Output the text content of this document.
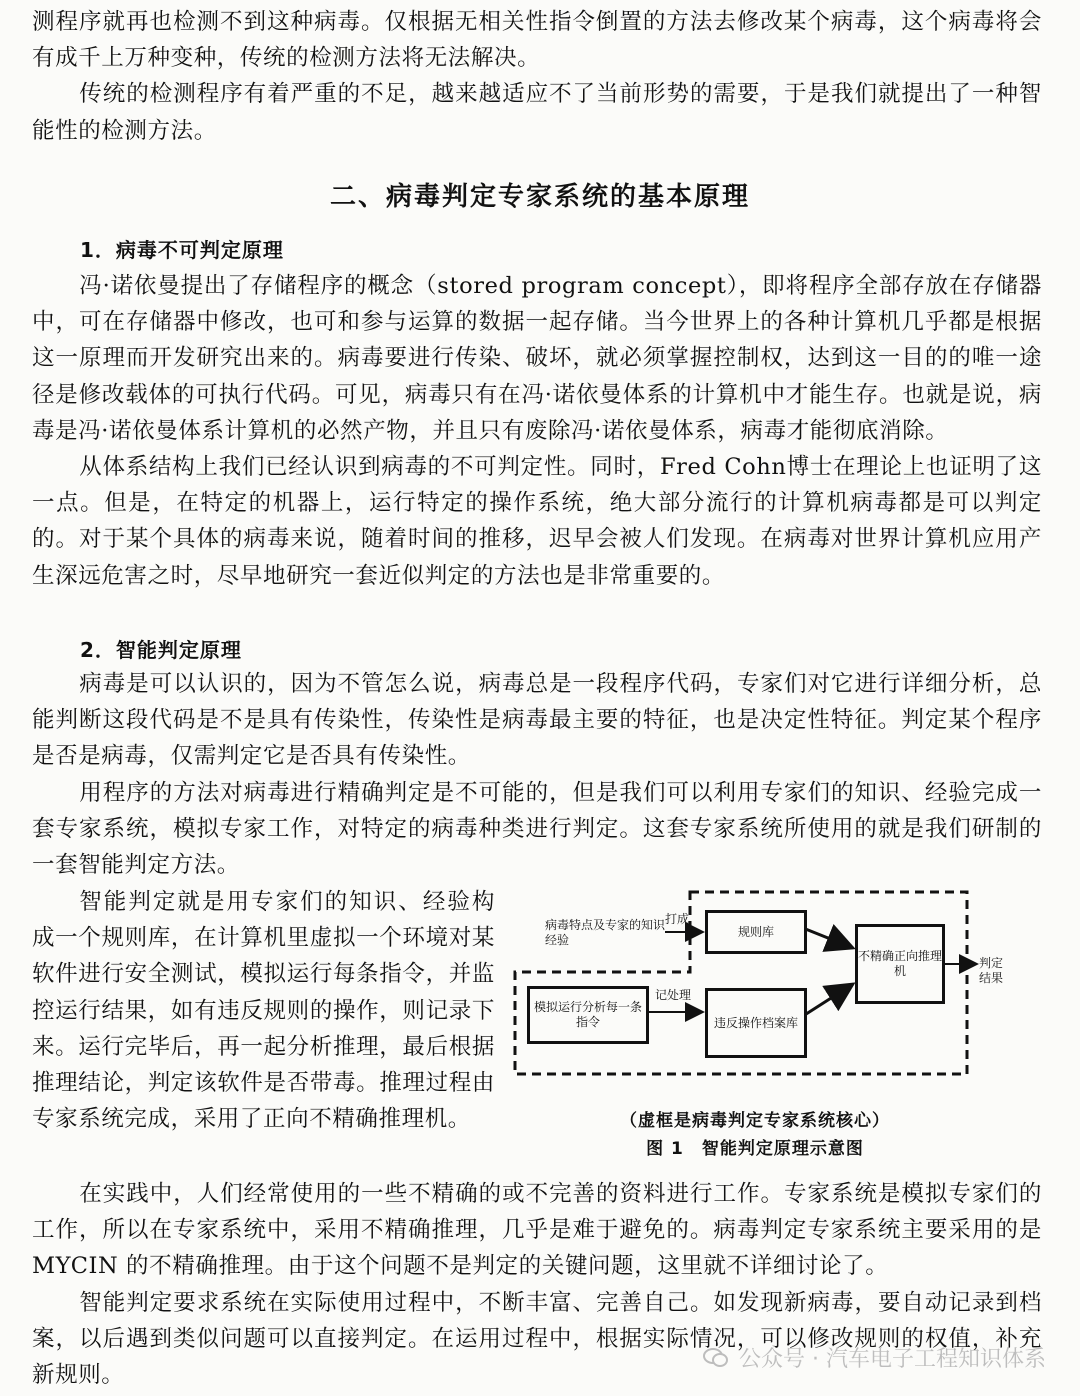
测程序就再也检测不到这种病毒。仅根据无相关性指令倒置的方法去修改某个病毒，这个病毒将会有成千上万种变种，传统的检测方法将无法解决。

传统的检测程序有着严重的不足，越来越适应不了当前形势的需要，于是我们就提出了一种智能性的检测方法。

二、病毒判定专家系统的基本原理
1．病毒不可判定原理

冯·诺依曼提出了存储程序的概念（stored program concept），即将程序全部存放在存储器中，可在存储器中修改，也可和参与运算的数据一起存储。当今世界上的各种计算机几乎都是根据这一原理而开发研究出来的。病毒要进行传染、破坏，就必须掌握控制权，达到这一目的的唯一途径是修改载体的可执行代码。可见，病毒只有在冯·诺依曼体系的计算机中才能生存。也就是说，病毒是冯·诺依曼体系计算机的必然产物，并且只有废除冯·诺依曼体系，病毒才能彻底消除。

从体系结构上我们已经认识到病毒的不可判定性。同时，Fred Cohn博士在理论上也证明了这一点。但是，在特定的机器上，运行特定的操作系统，绝大部分流行的计算机病毒都是可以判定的。对于某个具体的病毒来说，随着时间的推移，迟早会被人们发现。在病毒对世界计算机应用产生深远危害之时，尽早地研究一套近似判定的方法也是非常重要的。

2．智能判定原理

病毒是可以认识的，因为不管怎么说，病毒总是一段程序代码，专家们对它进行详细分析，总能判断这段代码是不是具有传染性，传染性是病毒最主要的特征，也是决定性特征。判定某个程序是否是病毒，仅需判定它是否具有传染性。

用程序的方法对病毒进行精确判定是不可能的，但是我们可以利用专家们的知识、经验完成一套专家系统，模拟专家工作，对特定的病毒种类进行判定。这套专家系统所使用的就是我们研制的一套智能判定方法。

智能判定就是用专家们的知识、经验构成一个规则库，在计算机里虚拟一个环境对某软件进行安全测试，模拟运行每条指令，并监控运行结果，如有违反规则的操作，则记录下来。运行完毕后，再一起分析推理，最后根据推理结论，判定该软件是否带毒。推理过程由专家系统完成，采用了正向不精确推理机。

病毒特点及专家的知识经验
打成
规则库
不精确正向推理机
判定结果
模拟运行分析每一条指令
记处理
违反操作档案库
（虚框是病毒判定专家系统核心）
图 1　智能判定原理示意图

在实践中，人们经常使用的一些不精确的或不完善的资料进行工作。专家系统是模拟专家们的工作，所以在专家系统中，采用不精确推理，几乎是难于避免的。病毒判定专家系统主要采用的是MYCIN 的不精确推理。由于这个问题不是判定的关键问题，这里就不详细讨论了。

智能判定要求系统在实际使用过程中，不断丰富、完善自己。如发现新病毒，要自动记录到档案，以后遇到类似问题可以直接判定。在运用过程中，根据实际情况，可以修改规则的权值，补充新规则。

公众号 · 汽车电子工程知识体系
